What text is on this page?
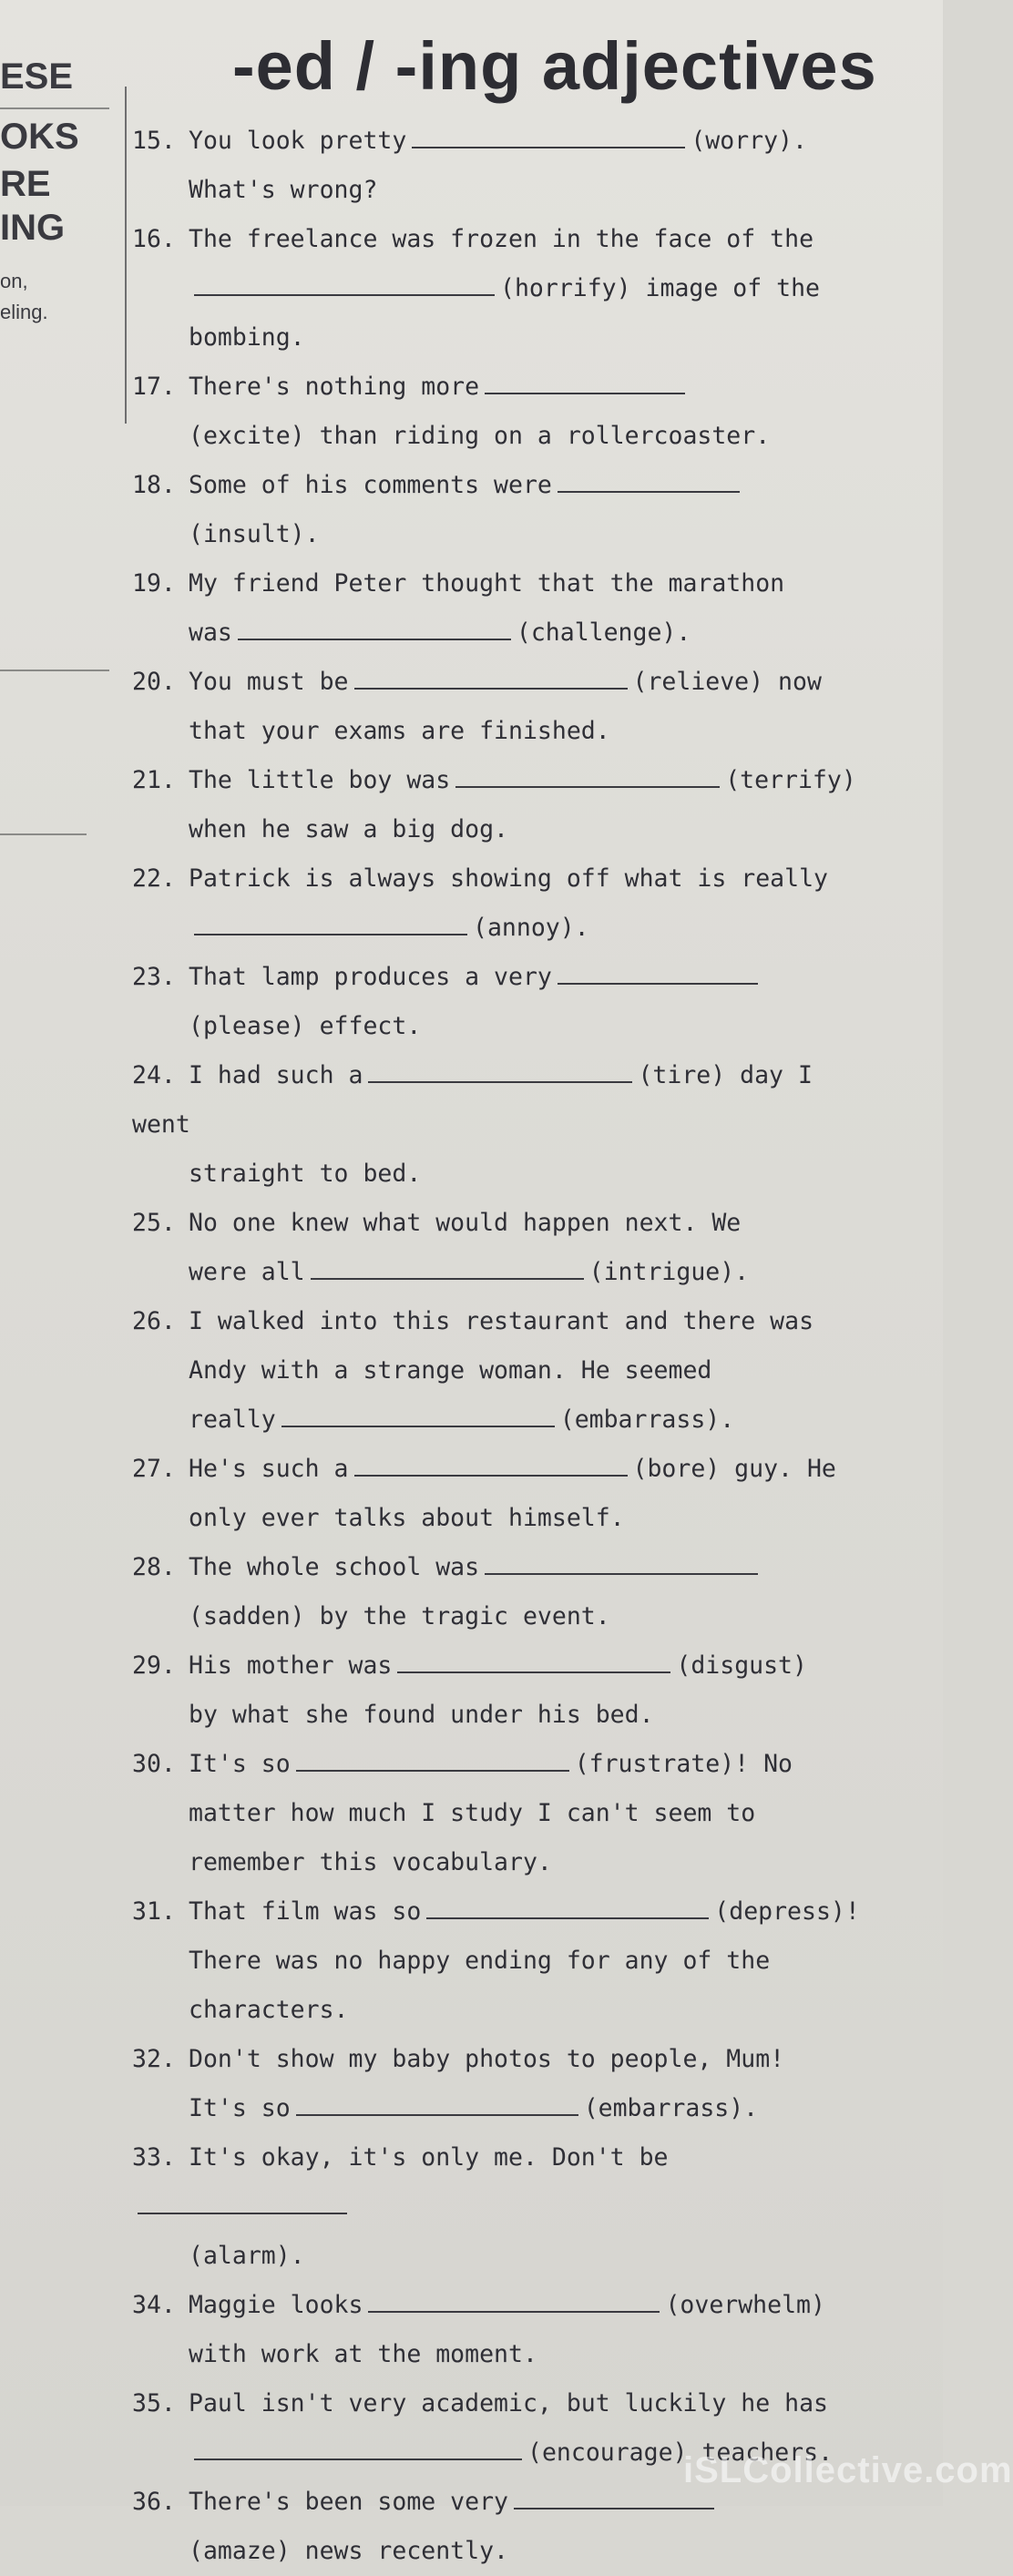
ESE
OKS
RE
ING
on,
eling.
-ed / -ing adjectives
15. You look pretty	(worry).
What's wrong?
16. The freelance was frozen in the face of the
(horrify) image of the bombing.
17. There's nothing more
(excite) than riding on a rollercoaster.
18. Some of his comments were
(insult).
19. My friend Peter thought that the marathon
was	(challenge).
20. You must be	(relieve) now
that your exams are finished.
21. The little boy was	(terrify)
when he saw a big dog.
22. Patrick is always showing off what is really
(annoy).
23. That lamp produces a very
(please) effect.
24. I had such a	(tire) day I went
straight to bed.
25. No one knew what would happen next. We
were all	(intrigue).
26. I walked into this restaurant and there was
Andy with a strange woman. He seemed
really	(embarrass).
27. He's such a	(bore) guy. He
only ever talks about himself.
28. The whole school was
(sadden) by the tragic event.
29. His mother was	(disgust)
by what she found under his bed.
30. It's so	(frustrate)! No
matter how much I study I can't seem to
remember this vocabulary.
31. That film was so	(depress)!
There was no happy ending for any of the
characters.
32. Don't show my baby photos to people, Mum!
It's so	(embarrass).
33. It's okay, it's only me. Don't be
(alarm).
34. Maggie looks	(overwhelm)
with work at the moment.
35. Paul isn't very academic, but luckily he has
(encourage) teachers.
36. There's been some very
(amaze) news recently.
iSLCollective.com
